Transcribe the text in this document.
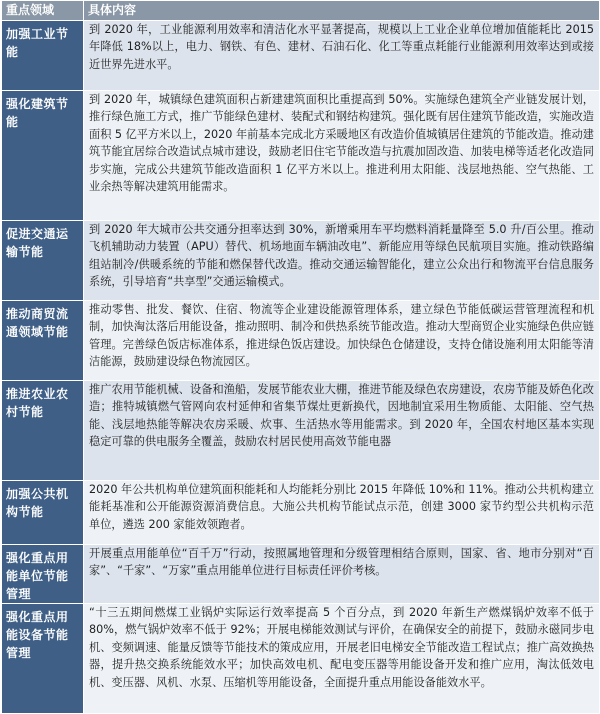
重点领域	具体内容
加强工业节能	到 2020 年，工业能源利用效率和清洁化水平显著提高，规模以上工业企业单位增加值能耗比 2015 年降低 18%以上，电力、钢铁、有色、建材、石油石化、化工等重点耗能行业能源利用效率达到或接近世界先进水平。
强化建筑节能	到 2020 年，城镇绿色建筑面积占新建建筑面积比重提高到 50%。实施绿色建筑全产业链发展计划，推行绿色施工方式，推广节能绿色建材、装配式和钢结构建筑。强化既有居住建筑节能改造，实施改造面积 5 亿平方米以上，2020 年前基本完成北方采暖地区有改造价值城镇居住建筑的节能改造。推动建筑节能宜居综合改造试点城市建设，鼓励老旧住宅节能改造与抗震加固改造、加装电梯等适老化改造同步实施，完成公共建筑节能改造面积 1 亿平方米以上。推进利用太阳能、浅层地热能、空气热能、工业余热等解决建筑用能需求。
促进交通运输节能	到 2020 年大城市公共交通分担率达到 30%，新增乘用车平均燃料消耗量降至 5.0 升/百公里。推动飞机辅助动力装置（APU）替代、机场地面车辆油改电”、新能应用等绿色民航项目实施。推动铁路编组站制冷/供暖系统的节能和燃保替代改造。推动交通运输智能化，建立公众出行和物流平台信息服务系统，引导培育“共享型”交通运输模式。
推动商贸流通领域节能	推动零售、批发、餐饮、住宿、物流等企业建设能源管理体系，建立绿色节能低碳运营管理流程和机制，加快淘汰落后用能设备，推动照明、制冷和供热系统节能改造。推动大型商贸企业实施绿色供应链管理。完善绿色饭店标准体系，推进绿色饭店建设。加快绿色仓储建设，支持仓储设施利用太阳能等清洁能源，鼓励建设绿色物流园区。
推进农业农村节能	推广农用节能机械、设备和渔船，发展节能农业大棚，推进节能及绿色农房建设，农房节能及娇色化改造；推特城镇燃气管网向农村延伸和省集节煤灶更新换代，因地制宜采用生物质能、太阳能、空气热能、浅层地热能等解决农房采暖、炊事、生活热水等用能需求。到 2020 年，全国农村地区基本实现稳定可靠的供电服务全覆盖，鼓励农村居民使用高效节能电器
加强公共机构节能	2020 年公共机构单位建筑面积能耗和人均能耗分别比 2015 年降低 10%和 11%。推动公共机构建立能耗基准和公开能源资源消费信息。大施公共机构节能试点示范，创建 3000 家节约型公共机构示范单位，遴选 200 家能效领跑者。
强化重点用能单位节能管理	开展重点用能单位“百千万”行动，按照属地管理和分级管理相结合原则，国家、省、地市分别对“百家”、“千家”、“万家”重点用能单位进行目标责任评价考核。
强化重点用能设备节能管理	“十三五期间燃煤工业锅炉实际运行效率提高 5 个百分点，到 2020 年新生产燃煤锅炉效率不低于 80%，燃气锅炉效率不低于 92%；开展电梯能效测试与评价，在确保安全的前提下，鼓励永磁同步电机、变频调速、能量反馈等节能技术的策成应用，开展老旧电梯安全节能改造工程试点；推广高效换热器，提升热交换系统能效水平；加快高效电机、配电变压器等用能设备开发和推广应用，淘汰低效电机、变压器、风机、水泵、压缩机等用能设备，全面提升重点用能设备能效水平。
